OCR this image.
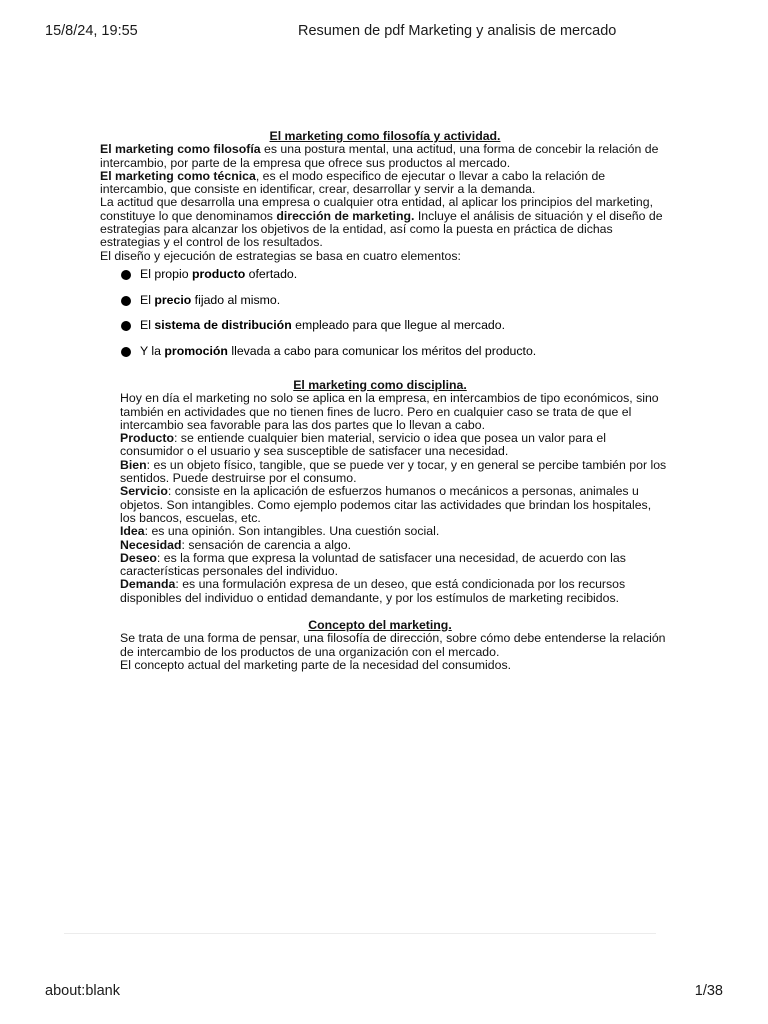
15/8/24, 19:55	Resumen de pdf Marketing y analisis de mercado
El marketing como filosofía y actividad.
El marketing como filosofía es una postura mental, una actitud, una forma de concebir la relación de
intercambio, por parte de la empresa que ofrece sus productos al mercado.
El marketing como técnica, es el modo especifico de ejecutar o llevar a cabo la relación de
intercambio, que consiste en identificar, crear, desarrollar y servir a la demanda.
La actitud que desarrolla una empresa o cualquier otra entidad, al aplicar los principios del marketing,
constituye lo que denominamos dirección de marketing. Incluye el análisis de situación y el diseño de
estrategias para alcanzar los objetivos de la entidad, así como la puesta en práctica de dichas
estrategias y el control de los resultados.
El diseño y ejecución de estrategias se basa en cuatro elementos:
El propio producto ofertado.
El precio fijado al mismo.
El sistema de distribución empleado para que llegue al mercado.
Y la promoción llevada a cabo para comunicar los méritos del producto.
El marketing como disciplina.
Hoy en día el marketing no solo se aplica en la empresa, en intercambios de tipo económicos, sino
también en actividades que no tienen fines de lucro. Pero en cualquier caso se trata de que el
intercambio sea favorable para las dos partes que lo llevan a cabo.
Producto: se entiende cualquier bien material, servicio o idea que posea un valor para el
consumidor o el usuario y sea susceptible de satisfacer una necesidad.
Bien: es un objeto físico, tangible, que se puede ver y tocar, y en general se percibe también por los
sentidos. Puede destruirse por el consumo.
Servicio: consiste en la aplicación de esfuerzos humanos o mecánicos a personas, animales u
objetos. Son intangibles. Como ejemplo podemos citar las actividades que brindan los hospitales,
los bancos, escuelas, etc.
Idea: es una opinión. Son intangibles. Una cuestión social.
Necesidad: sensación de carencia a algo.
Deseo: es la forma que expresa la voluntad de satisfacer una necesidad, de acuerdo con las
características personales del individuo.
Demanda: es una formulación expresa de un deseo, que está condicionada por los recursos
disponibles del individuo o entidad demandante, y por los estímulos de marketing recibidos.
Concepto del marketing.
Se trata de una forma de pensar, una filosofía de dirección, sobre cómo debe entenderse la relación
de intercambio de los productos de una organización con el mercado.
El concepto actual del marketing parte de la necesidad del consumidos.
about:blank	1/38
